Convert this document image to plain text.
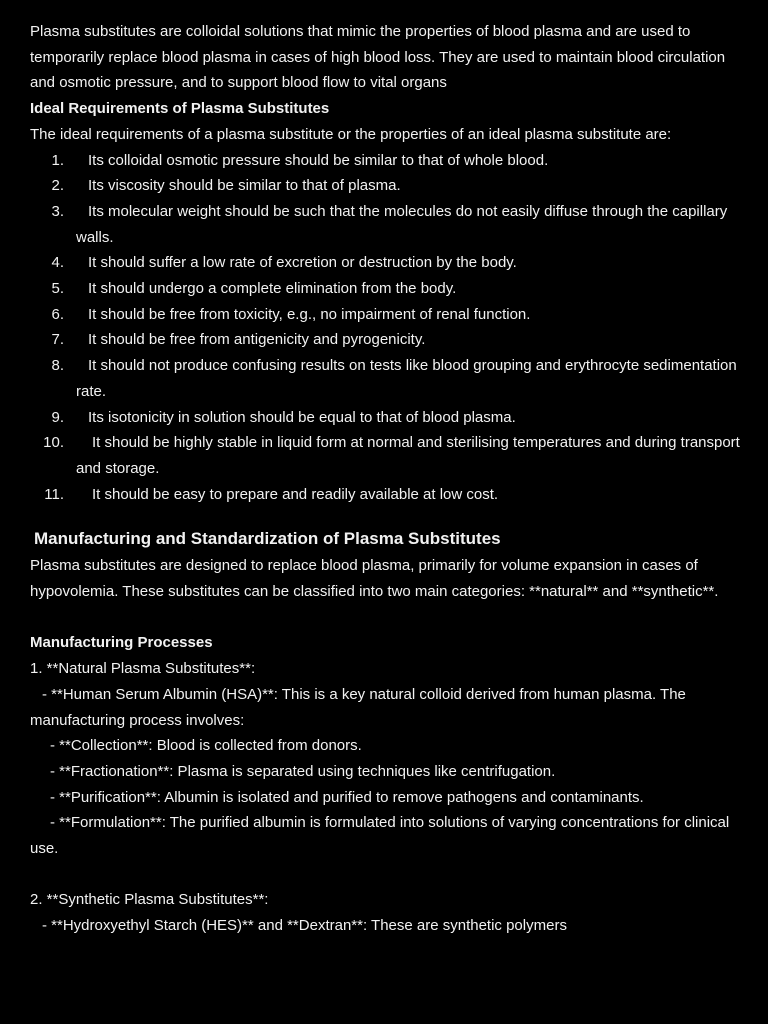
Plasma substitutes are colloidal solutions that mimic the properties of blood plasma and are used to temporarily replace blood plasma in cases of high blood loss. They are used to maintain blood circulation and osmotic pressure, and to support blood flow to vital organs

Ideal Requirements of Plasma Substitutes

The ideal requirements of a plasma substitute or the properties of an ideal plasma substitute are:

1. Its colloidal osmotic pressure should be similar to that of whole blood.
2. Its viscosity should be similar to that of plasma.
3. Its molecular weight should be such that the molecules do not easily diffuse through the capillary walls.
4. It should suffer a low rate of excretion or destruction by the body.
5. It should undergo a complete elimination from the body.
6. It should be free from toxicity, e.g., no impairment of renal function.
7. It should be free from antigenicity and pyrogenicity.
8. It should not produce confusing results on tests like blood grouping and erythrocyte sedimentation rate.
9. Its isotonicity in solution should be equal to that of blood plasma.
10. It should be highly stable in liquid form at normal and sterilising temperatures and during transport and storage.
11. It should be easy to prepare and readily available at low cost.

Manufacturing and Standardization of Plasma Substitutes

Plasma substitutes are designed to replace blood plasma, primarily for volume expansion in cases of hypovolemia. These substitutes can be classified into two main categories: **natural** and **synthetic**.

Manufacturing Processes

1. **Natural Plasma Substitutes**:

- **Human Serum Albumin (HSA)**: This is a key natural colloid derived from human plasma. The manufacturing process involves:

- **Collection**: Blood is collected from donors.

- **Fractionation**: Plasma is separated using techniques like centrifugation.

- **Purification**: Albumin is isolated and purified to remove pathogens and contaminants.

- **Formulation**: The purified albumin is formulated into solutions of varying concentrations for clinical use.

2. **Synthetic Plasma Substitutes**:

- **Hydroxyethyl Starch (HES)** and **Dextran**: These are synthetic polymers
